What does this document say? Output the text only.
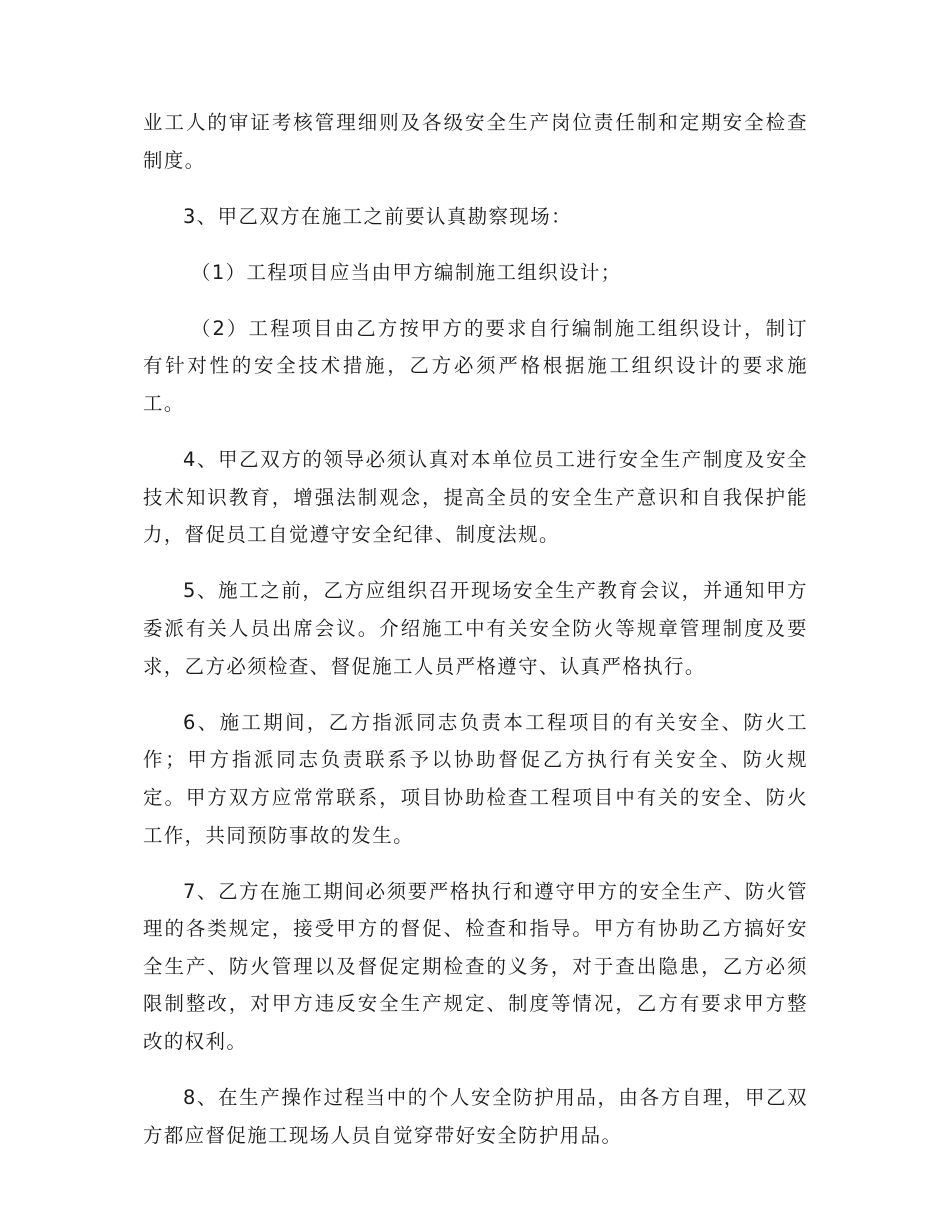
业工人的审证考核管理细则及各级安全生产岗位责任制和定期安全检查制度。

3、甲乙双方在施工之前要认真勘察现场：

（1）工程项目应当由甲方编制施工组织设计；

（2）工程项目由乙方按甲方的要求自行编制施工组织设计，制订有针对性的安全技术措施，乙方必须严格根据施工组织设计的要求施工。

4、甲乙双方的领导必须认真对本单位员工进行安全生产制度及安全技术知识教育，增强法制观念，提高全员的安全生产意识和自我保护能力，督促员工自觉遵守安全纪律、制度法规。

5、施工之前，乙方应组织召开现场安全生产教育会议，并通知甲方委派有关人员出席会议。介绍施工中有关安全防火等规章管理制度及要求，乙方必须检查、督促施工人员严格遵守、认真严格执行。

6、施工期间，乙方指派同志负责本工程项目的有关安全、防火工作；甲方指派同志负责联系予以协助督促乙方执行有关安全、防火规定。甲方双方应常常联系，项目协助检查工程项目中有关的安全、防火工作，共同预防事故的发生。

7、乙方在施工期间必须要严格执行和遵守甲方的安全生产、防火管理的各类规定，接受甲方的督促、检查和指导。甲方有协助乙方搞好安全生产、防火管理以及督促定期检查的义务，对于查出隐患，乙方必须限制整改，对甲方违反安全生产规定、制度等情况，乙方有要求甲方整改的权利。

8、在生产操作过程当中的个人安全防护用品，由各方自理，甲乙双方都应督促施工现场人员自觉穿带好安全防护用品。
